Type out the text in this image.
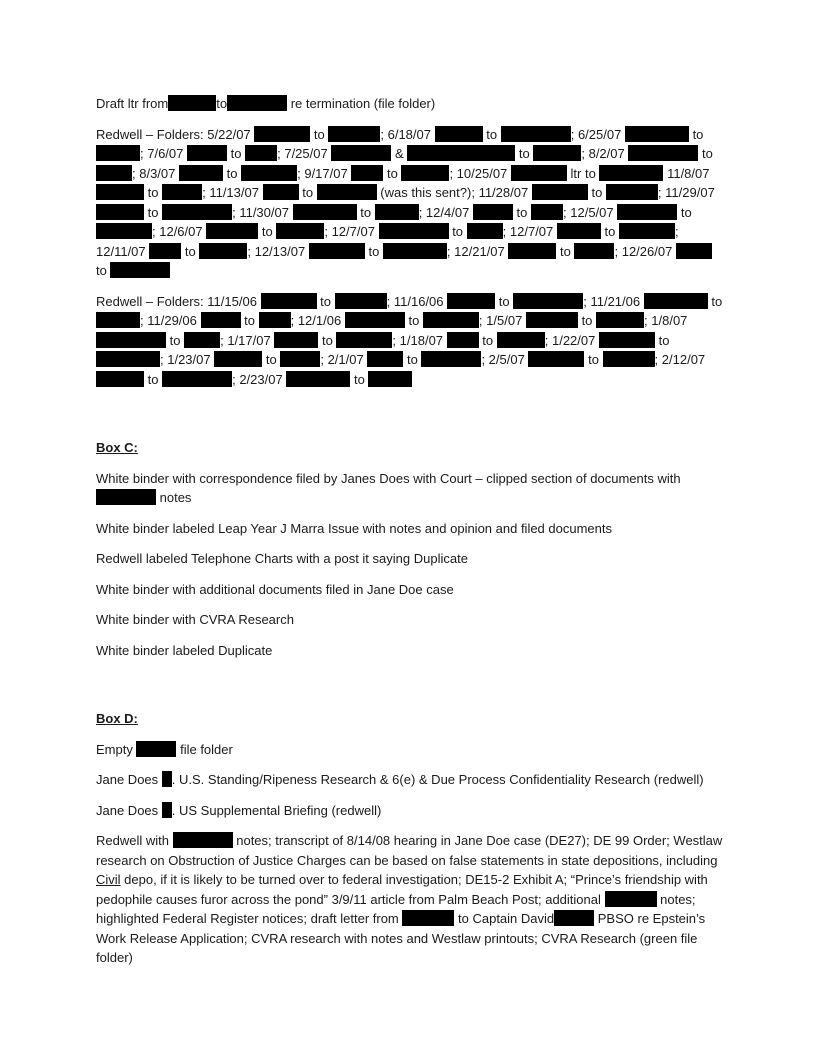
Draft ltr from	to	re termination (file folder)

Redwell – Folders: 5/22/07	to	; 6/18/07	to	; 6/25/07	to ; 7/6/07	to	; 7/25/07	&	to	; 8/2/07	to ; 8/3/07	to	; 9/17/07	to	; 10/25/07	ltr to	11/8/07  to	; 11/13/07	to	(was this sent?); 11/28/07	to	; 11/29/07  to	; 11/30/07	to	; 12/4/07	to	; 12/5/07	to ; 12/6/07	to	; 12/7/07	to	; 12/7/07	to	; 12/11/07	to	; 12/13/07	to	; 12/21/07	to	; 12/26/07  to

Redwell – Folders: 11/15/06	to	; 11/16/06	to	; 11/21/06	to ; 11/29/06	to	; 12/1/06	to	; 1/5/07	to	; 1/8/07  to	; 1/17/07	to	; 1/18/07	to	; 1/22/07	to ; 1/23/07	to	; 2/1/07	to	; 2/5/07	to	; 2/12/07  to	; 2/23/07	to

Box C:

White binder with correspondence filed by Janes Does with Court – clipped section of documents with
notes

White binder labeled Leap Year J Marra Issue with notes and opinion and filed documents

Redwell labeled Telephone Charts with a post it saying Duplicate

White binder with additional documents filed in Jane Doe case

White binder with CVRA Research

White binder labeled Duplicate

Box D:

Empty	file folder

Jane Does . U.S. Standing/Ripeness Research & 6(e) & Due Process Confidentiality Research (redwell)

Jane Does . US Supplemental Briefing (redwell)

Redwell with	notes; transcript of 8/14/08 hearing in Jane Doe case (DE27); DE 99 Order; Westlaw research on Obstruction of Justice Charges can be based on false statements in state depositions, including Civil depo, if it is likely to be turned over to federal investigation; DE15-2 Exhibit A; “Prince’s friendship with pedophile causes furor across the pond” 3/9/11 article from Palm Beach Post; additional	notes; highlighted Federal Register notices; draft letter from	to Captain David	PBSO re Epstein’s Work Release Application; CVRA research with notes and Westlaw printouts; CVRA Research (green file folder)
